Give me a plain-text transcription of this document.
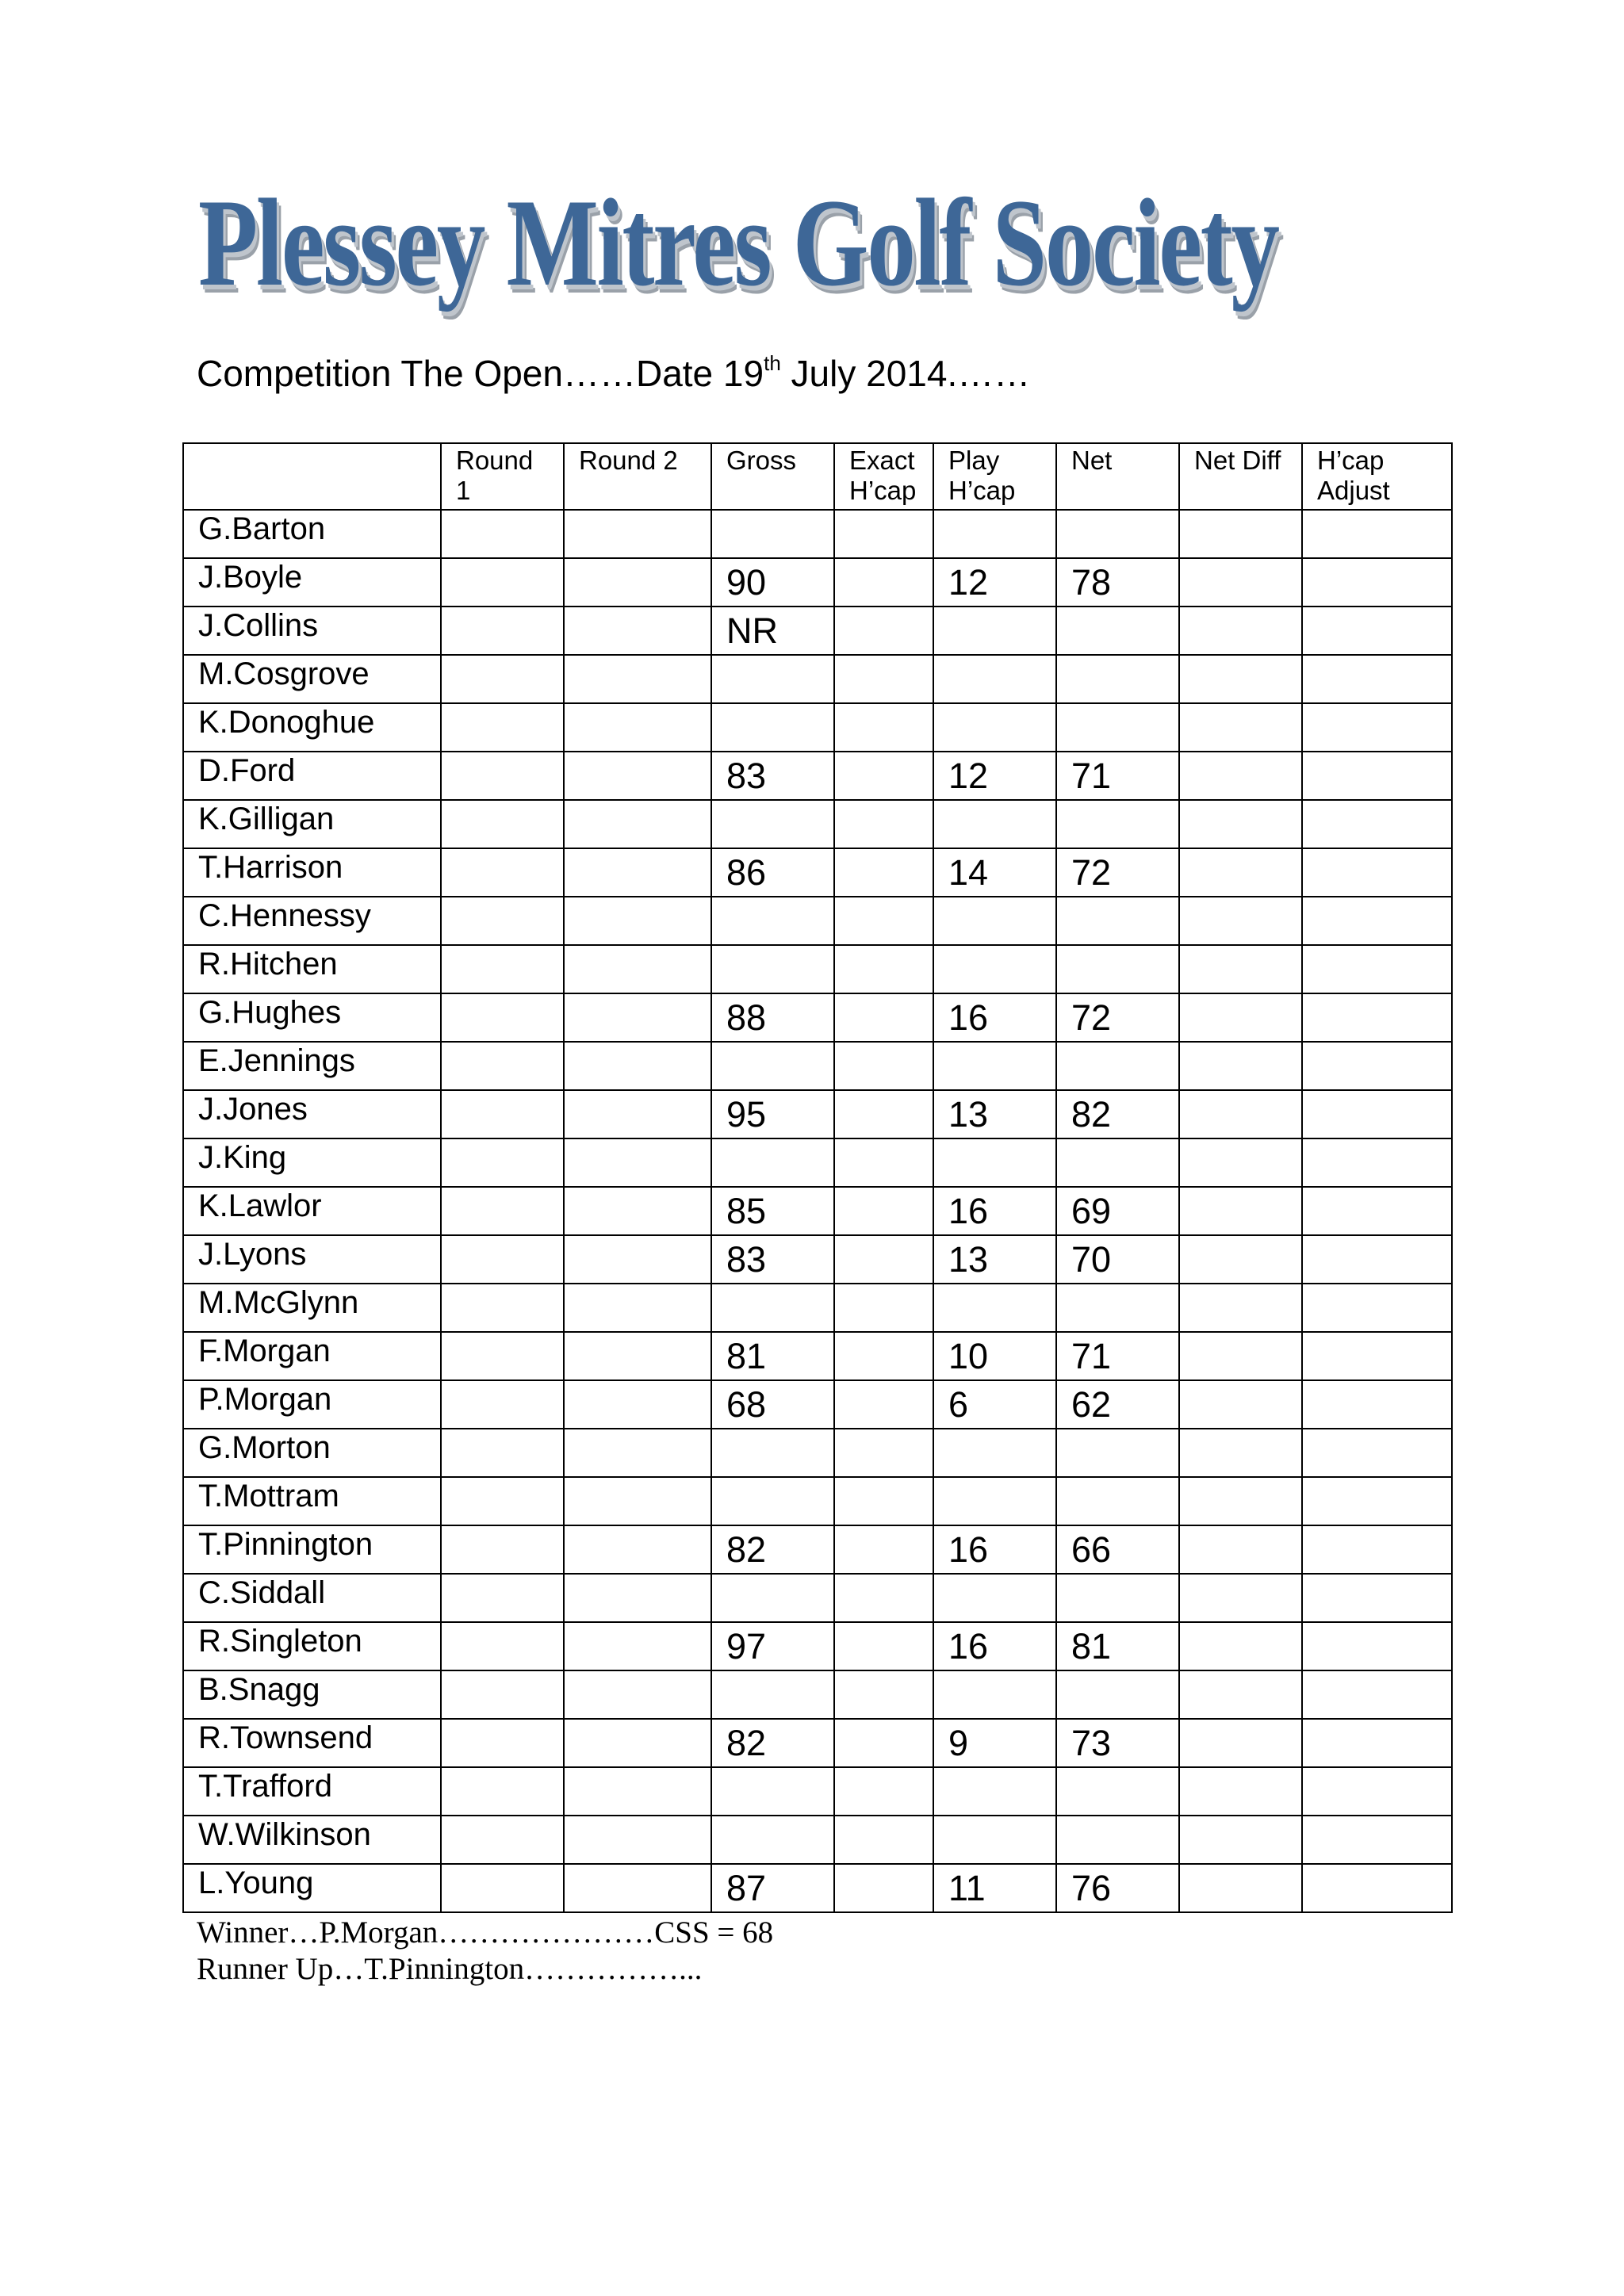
Plessey Mitres Golf Society
Competition The Open……Date 19th July 2014.……
	Round 1	Round 2	Gross	Exact H’cap	Play H’cap	Net	Net Diff	H’cap Adjust
G.Barton								
J.Boyle			90		12	78		
J.Collins			NR					
M.Cosgrove								
K.Donoghue								
D.Ford			83		12	71		
K.Gilligan								
T.Harrison			86		14	72		
C.Hennessy								
R.Hitchen								
G.Hughes			88		16	72		
E.Jennings								
J.Jones			95		13	82		
J.King								
K.Lawlor			85		16	69		
J.Lyons			83		13	70		
M.McGlynn								
F.Morgan			81		10	71		
P.Morgan			68		6	62		
G.Morton								
T.Mottram								
T.Pinnington			82		16	66		
C.Siddall								
R.Singleton			97		16	81		
B.Snagg								
R.Townsend			82		9	73		
T.Trafford								
W.Wilkinson								
L.Young			87		11	76		
Winner…P.Morgan…………………CSS = 68
Runner Up…T.Pinnington……………...
